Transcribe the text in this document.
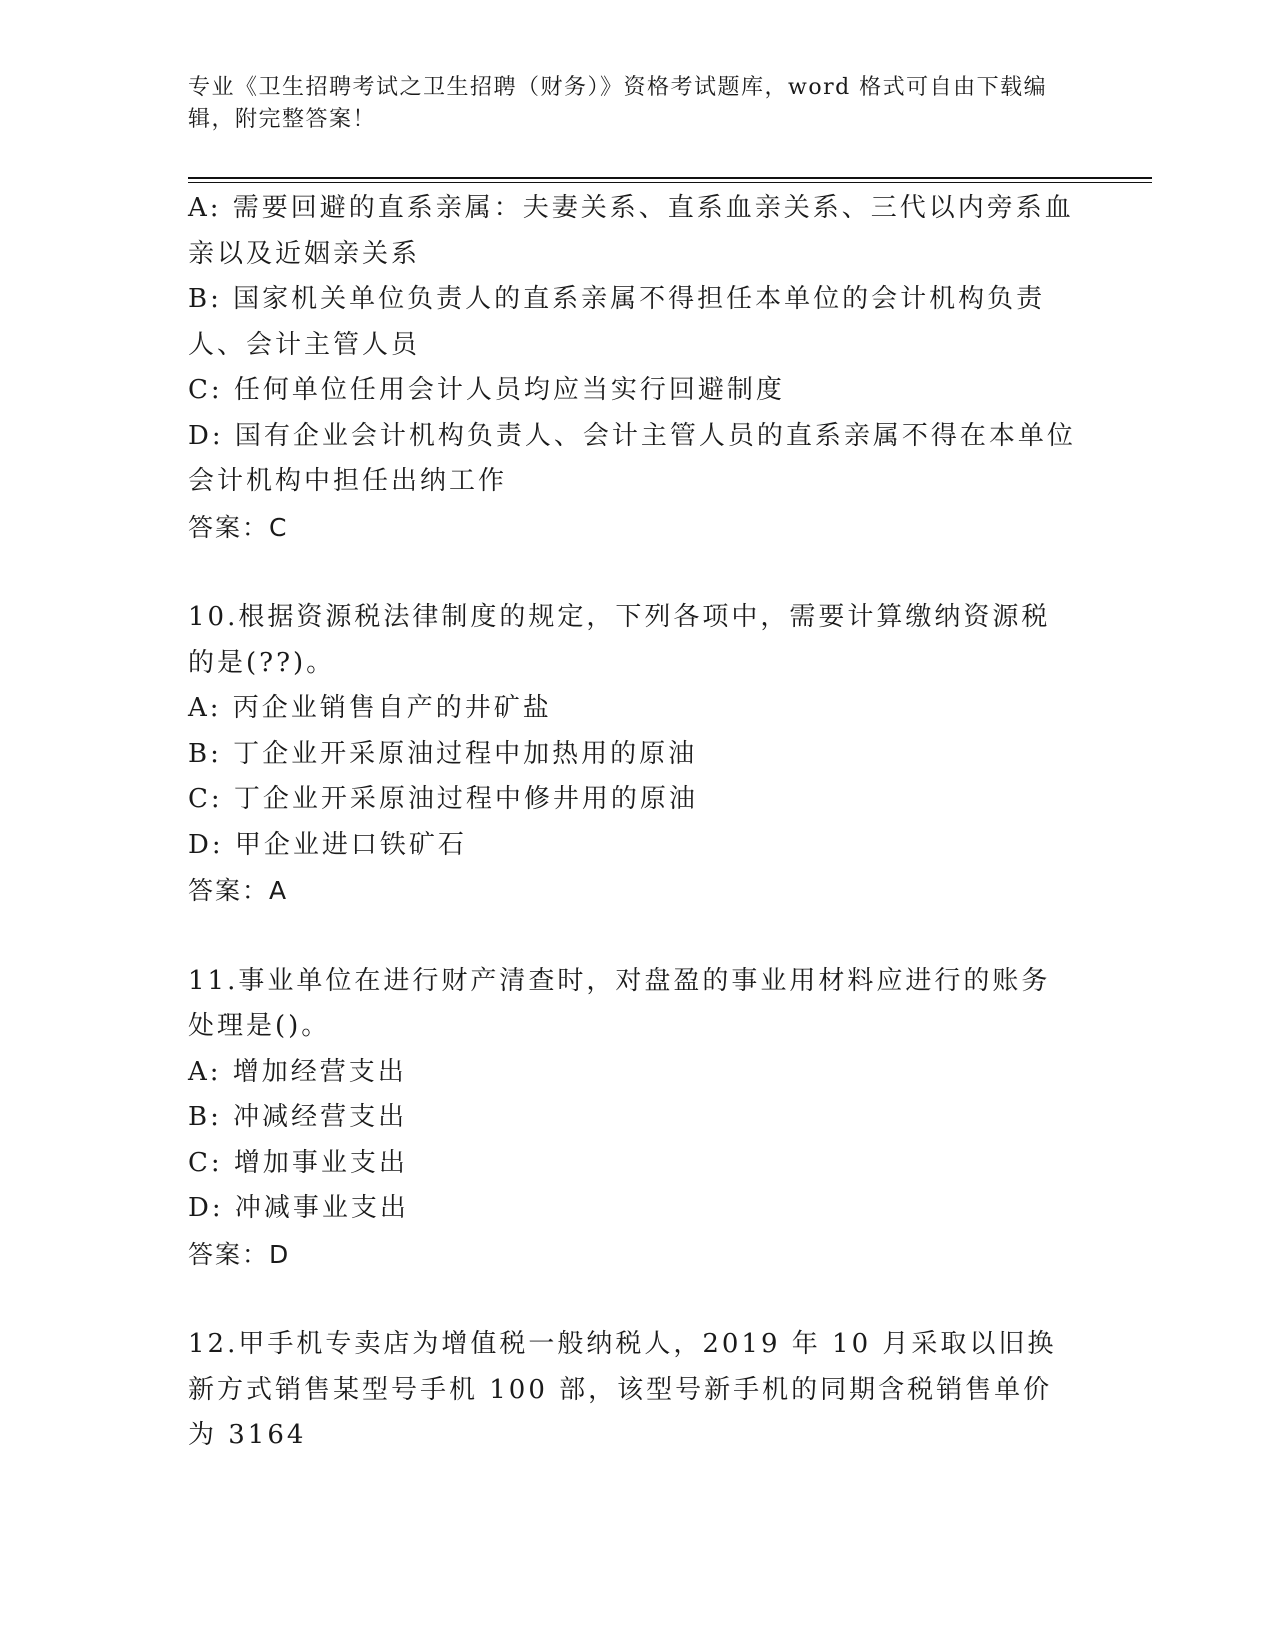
专业《卫生招聘考试之卫生招聘（财务）》资格考试题库，word 格式可自由下载编辑，附完整答案！
A: 需要回避的直系亲属：夫妻关系、直系血亲关系、三代以内旁系血亲以及近姻亲关系
B: 国家机关单位负责人的直系亲属不得担任本单位的会计机构负责人、会计主管人员
C: 任何单位任用会计人员均应当实行回避制度
D: 国有企业会计机构负责人、会计主管人员的直系亲属不得在本单位会计机构中担任出纳工作
答案：C
10.根据资源税法律制度的规定，下列各项中，需要计算缴纳资源税的是(??)。
A: 丙企业销售自产的井矿盐
B: 丁企业开采原油过程中加热用的原油
C: 丁企业开采原油过程中修井用的原油
D: 甲企业进口铁矿石
答案：A
11.事业单位在进行财产清查时，对盘盈的事业用材料应进行的账务处理是()。
A: 增加经营支出
B: 冲减经营支出
C: 增加事业支出
D: 冲减事业支出
答案：D
12.甲手机专卖店为增值税一般纳税人，2019 年 10 月采取以旧换新方式销售某型号手机 100 部，该型号新手机的同期含税销售单价为 3164
